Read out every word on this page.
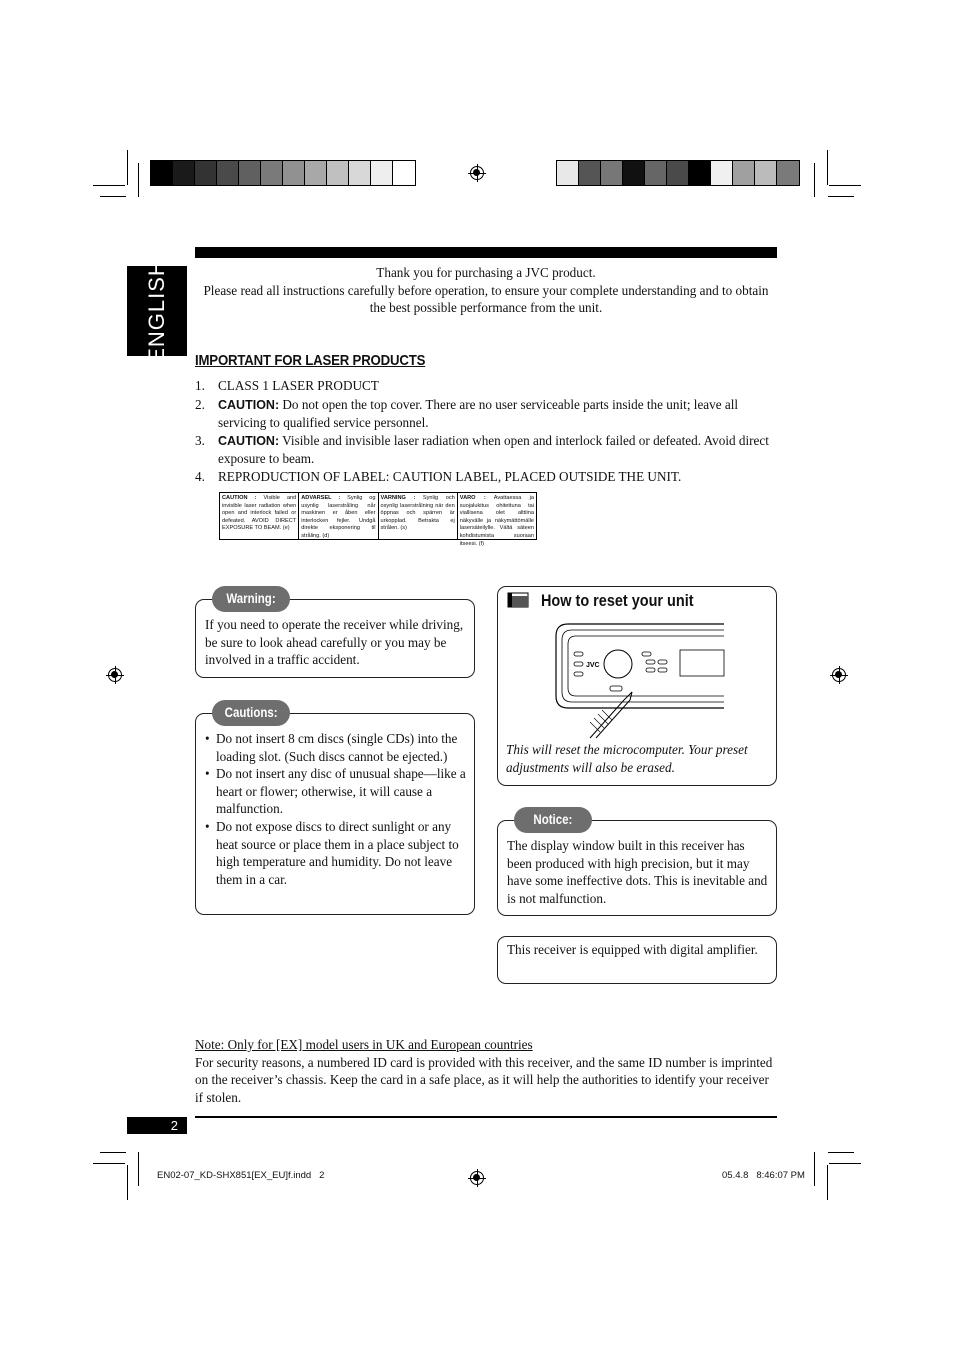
ENGLISH	Thank you for purchasing a JVC product.
Please read all instructions carefully before operation, to ensure your complete understanding and to obtain the best possible performance from the unit.
IMPORTANT FOR LASER PRODUCTS
1. CLASS 1 LASER PRODUCT
2. CAUTION: Do not open the top cover. There are no user serviceable parts inside the unit; leave all servicing to qualified service personnel.
3. CAUTION: Visible and invisible laser radiation when open and interlock failed or defeated. Avoid direct exposure to beam.
4. REPRODUCTION OF LABEL: CAUTION LABEL, PLACED OUTSIDE THE UNIT.
CAUTION : Visible and invisible laser radiation when open and interlock failed or defeated. AVOID DIRECT EXPOSURE TO BEAM. (e)
ADVARSEL : Synlig og usynlig laserstråling når maskinen er åben eller interlocken fejler. Undgå direkte eksponering til stråling. (d)
VARNING : Synlig och osynlig laserstrålning när den öppnas och spärren är urkopplad. Betrakta ej strålen. (s)
VARO : Avattaessa ja suojalukitus ohitettuna tai viallisena olet alttiina näkyvälle ja näkymättömälle lasersäteilylle. Vältä säteen kohdistumista suoraan itseesi. (f)
If you need to operate the receiver while driving, be sure to look ahead carefully or you may be involved in a traffic accident.
Warning:
• Do not insert 8 cm discs (single CDs) into the loading slot. (Such discs cannot be ejected.)
• Do not insert any disc of unusual shape—like a heart or flower; otherwise, it will cause a malfunction.
• Do not expose discs to direct sunlight or any heat source or place them in a place subject to high temperature and humidity. Do not leave them in a car.
Cautions:
How to reset your unit
JVC
This will reset the microcomputer. Your preset adjustments will also be erased.
The display window built in this receiver has been produced with high precision, but it may have some ineffective dots. This is inevitable and is not malfunction.
Notice:
This receiver is equipped with digital amplifier.
Note: Only for [EX] model users in UK and European countries
For security reasons, a numbered ID card is provided with this receiver, and the same ID number is imprinted on the receiver’s chassis. Keep the card in a safe place, as it will help the authorities to identify your receiver if stolen.
2
EN02-07_KD-SHX851[EX_EU]f.indd   2	05.4.8   8:46:07 PM
